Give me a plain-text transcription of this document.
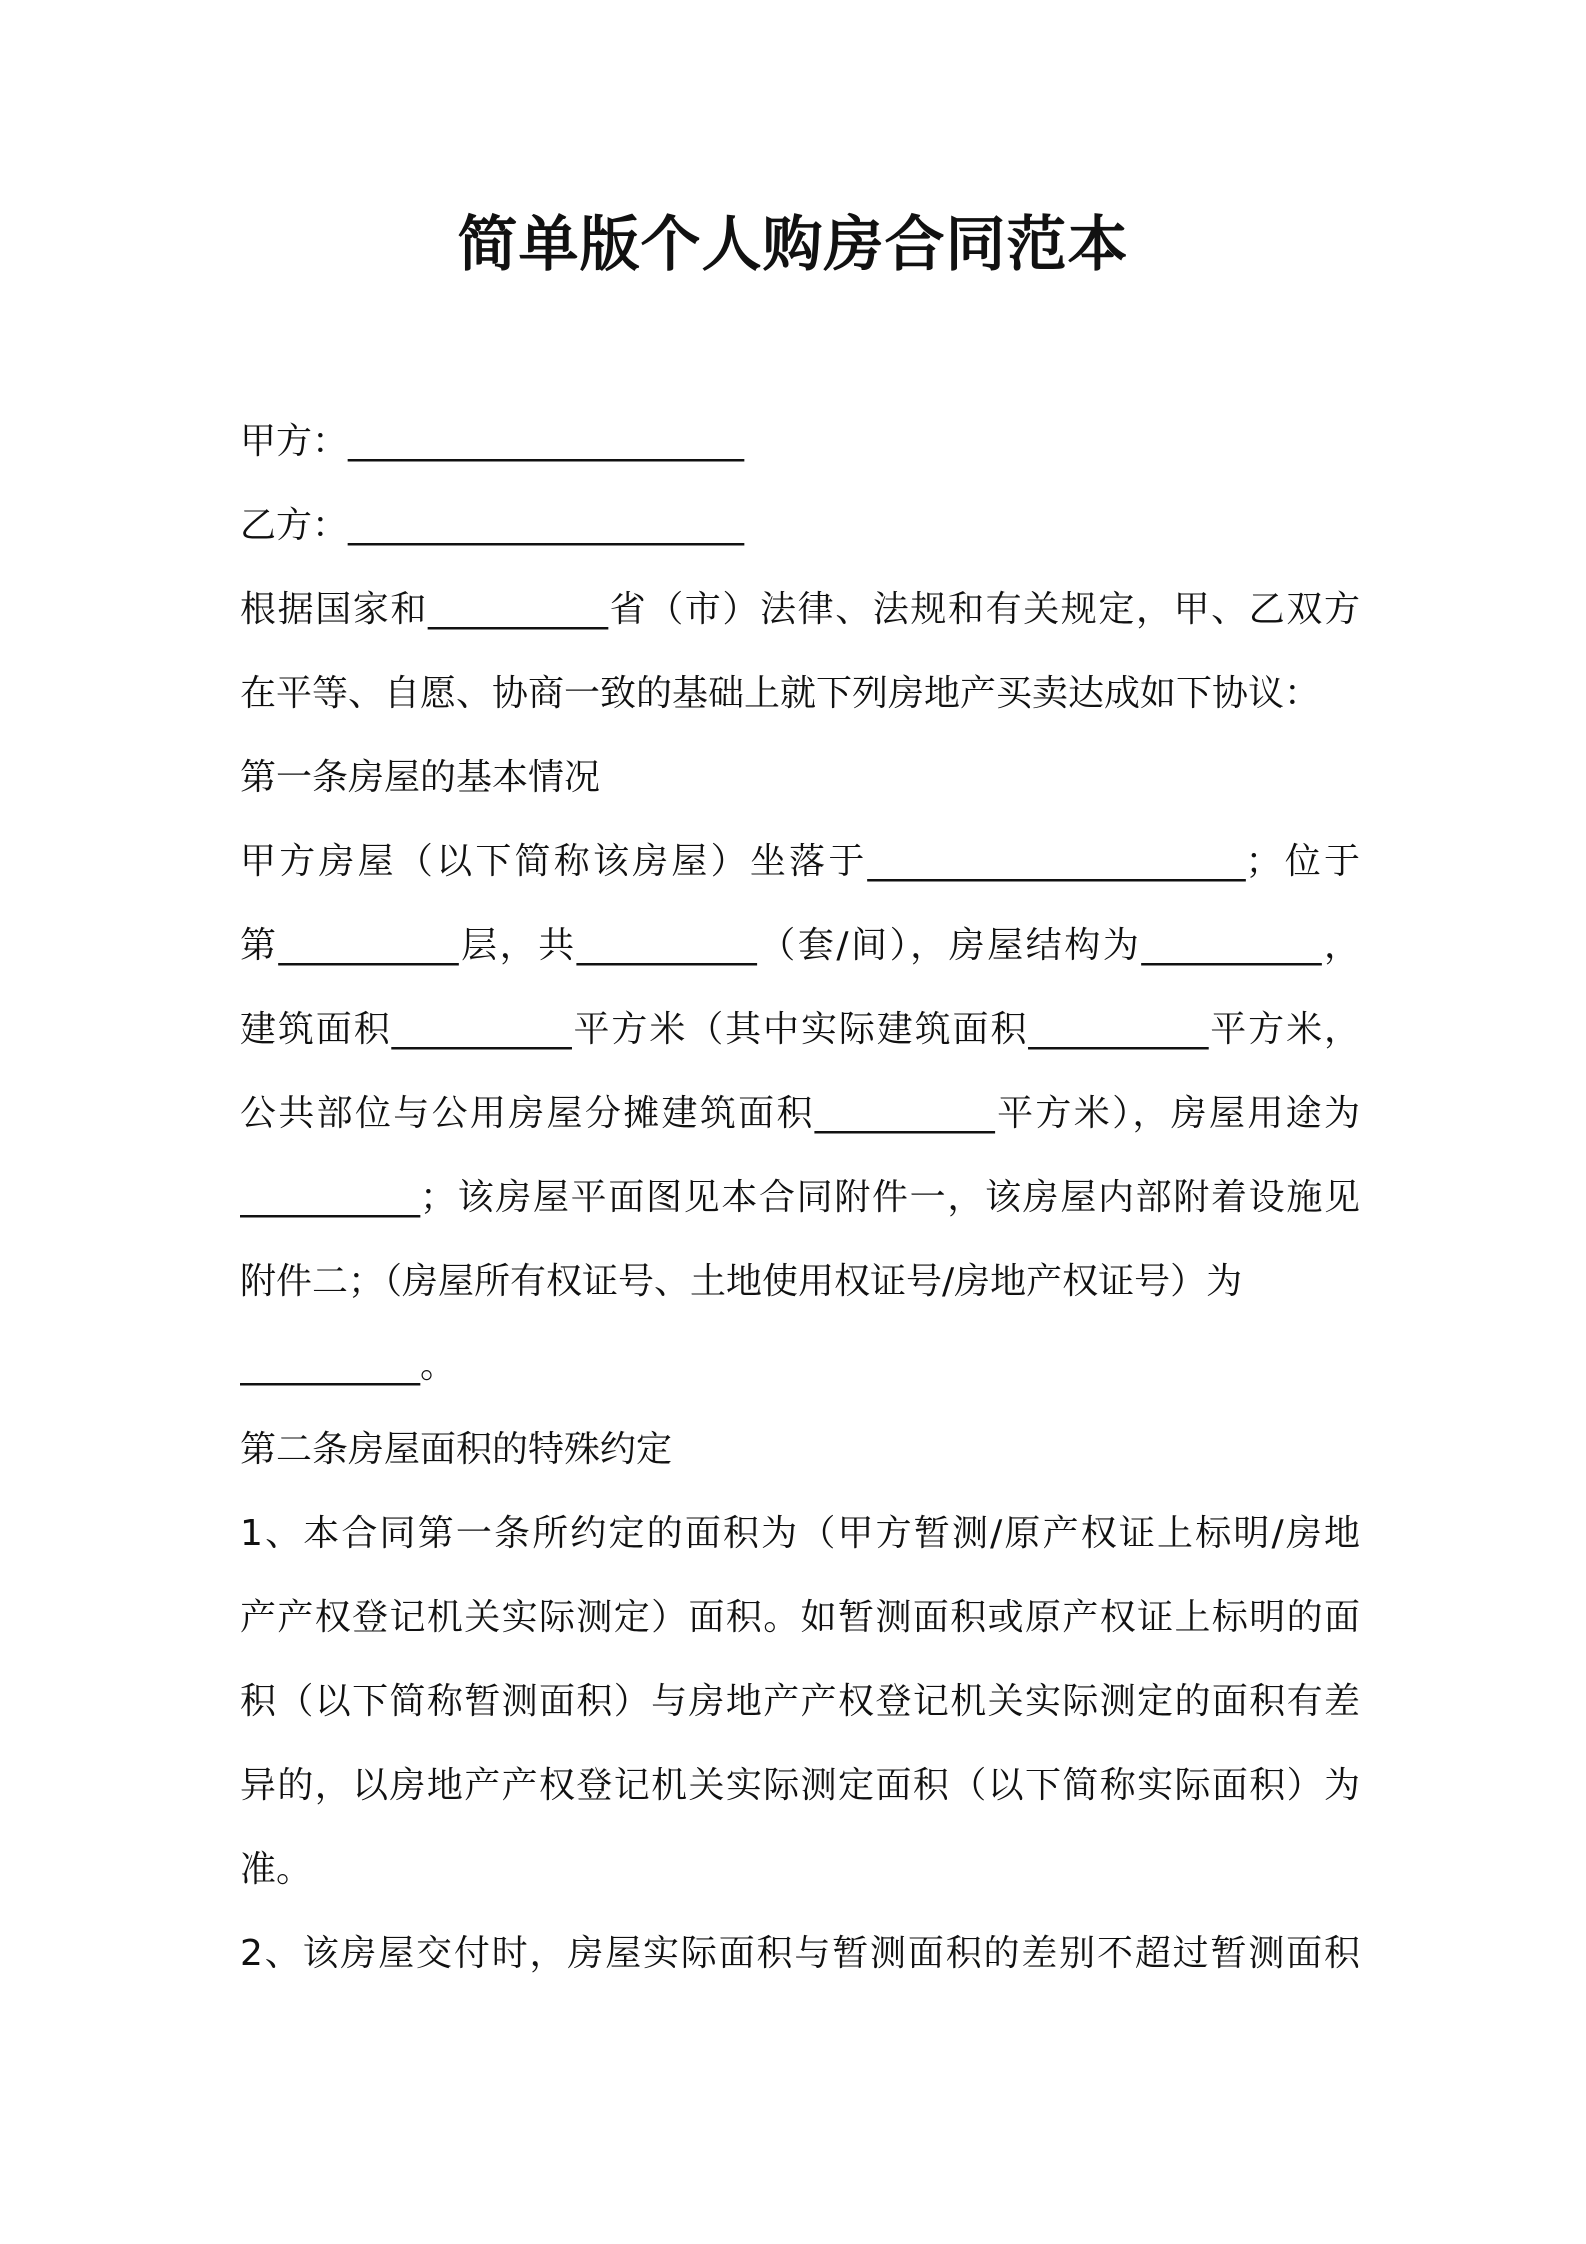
简单版个人购房合同范本
甲方：______________________
乙方：______________________
根据国家和__________省（市）法律、法规和有关规定，甲、乙双方
在平等、自愿、协商一致的基础上就下列房地产买卖达成如下协议：
第一条房屋的基本情况
甲方房屋（以下简称该房屋）坐落于_____________________；位于
第__________层，共__________（套/间），房屋结构为__________，
建筑面积__________平方米（其中实际建筑面积__________平方米，
公共部位与公用房屋分摊建筑面积__________平方米），房屋用途为
__________；该房屋平面图见本合同附件一，该房屋内部附着设施见
附件二；（房屋所有权证号、土地使用权证号/房地产权证号）为
__________。
第二条房屋面积的特殊约定
1、本合同第一条所约定的面积为（甲方暂测/原产权证上标明/房地
产产权登记机关实际测定）面积。如暂测面积或原产权证上标明的面
积（以下简称暂测面积）与房地产产权登记机关实际测定的面积有差
异的，以房地产产权登记机关实际测定面积（以下简称实际面积）为
准。
2、该房屋交付时，房屋实际面积与暂测面积的差别不超过暂测面积
